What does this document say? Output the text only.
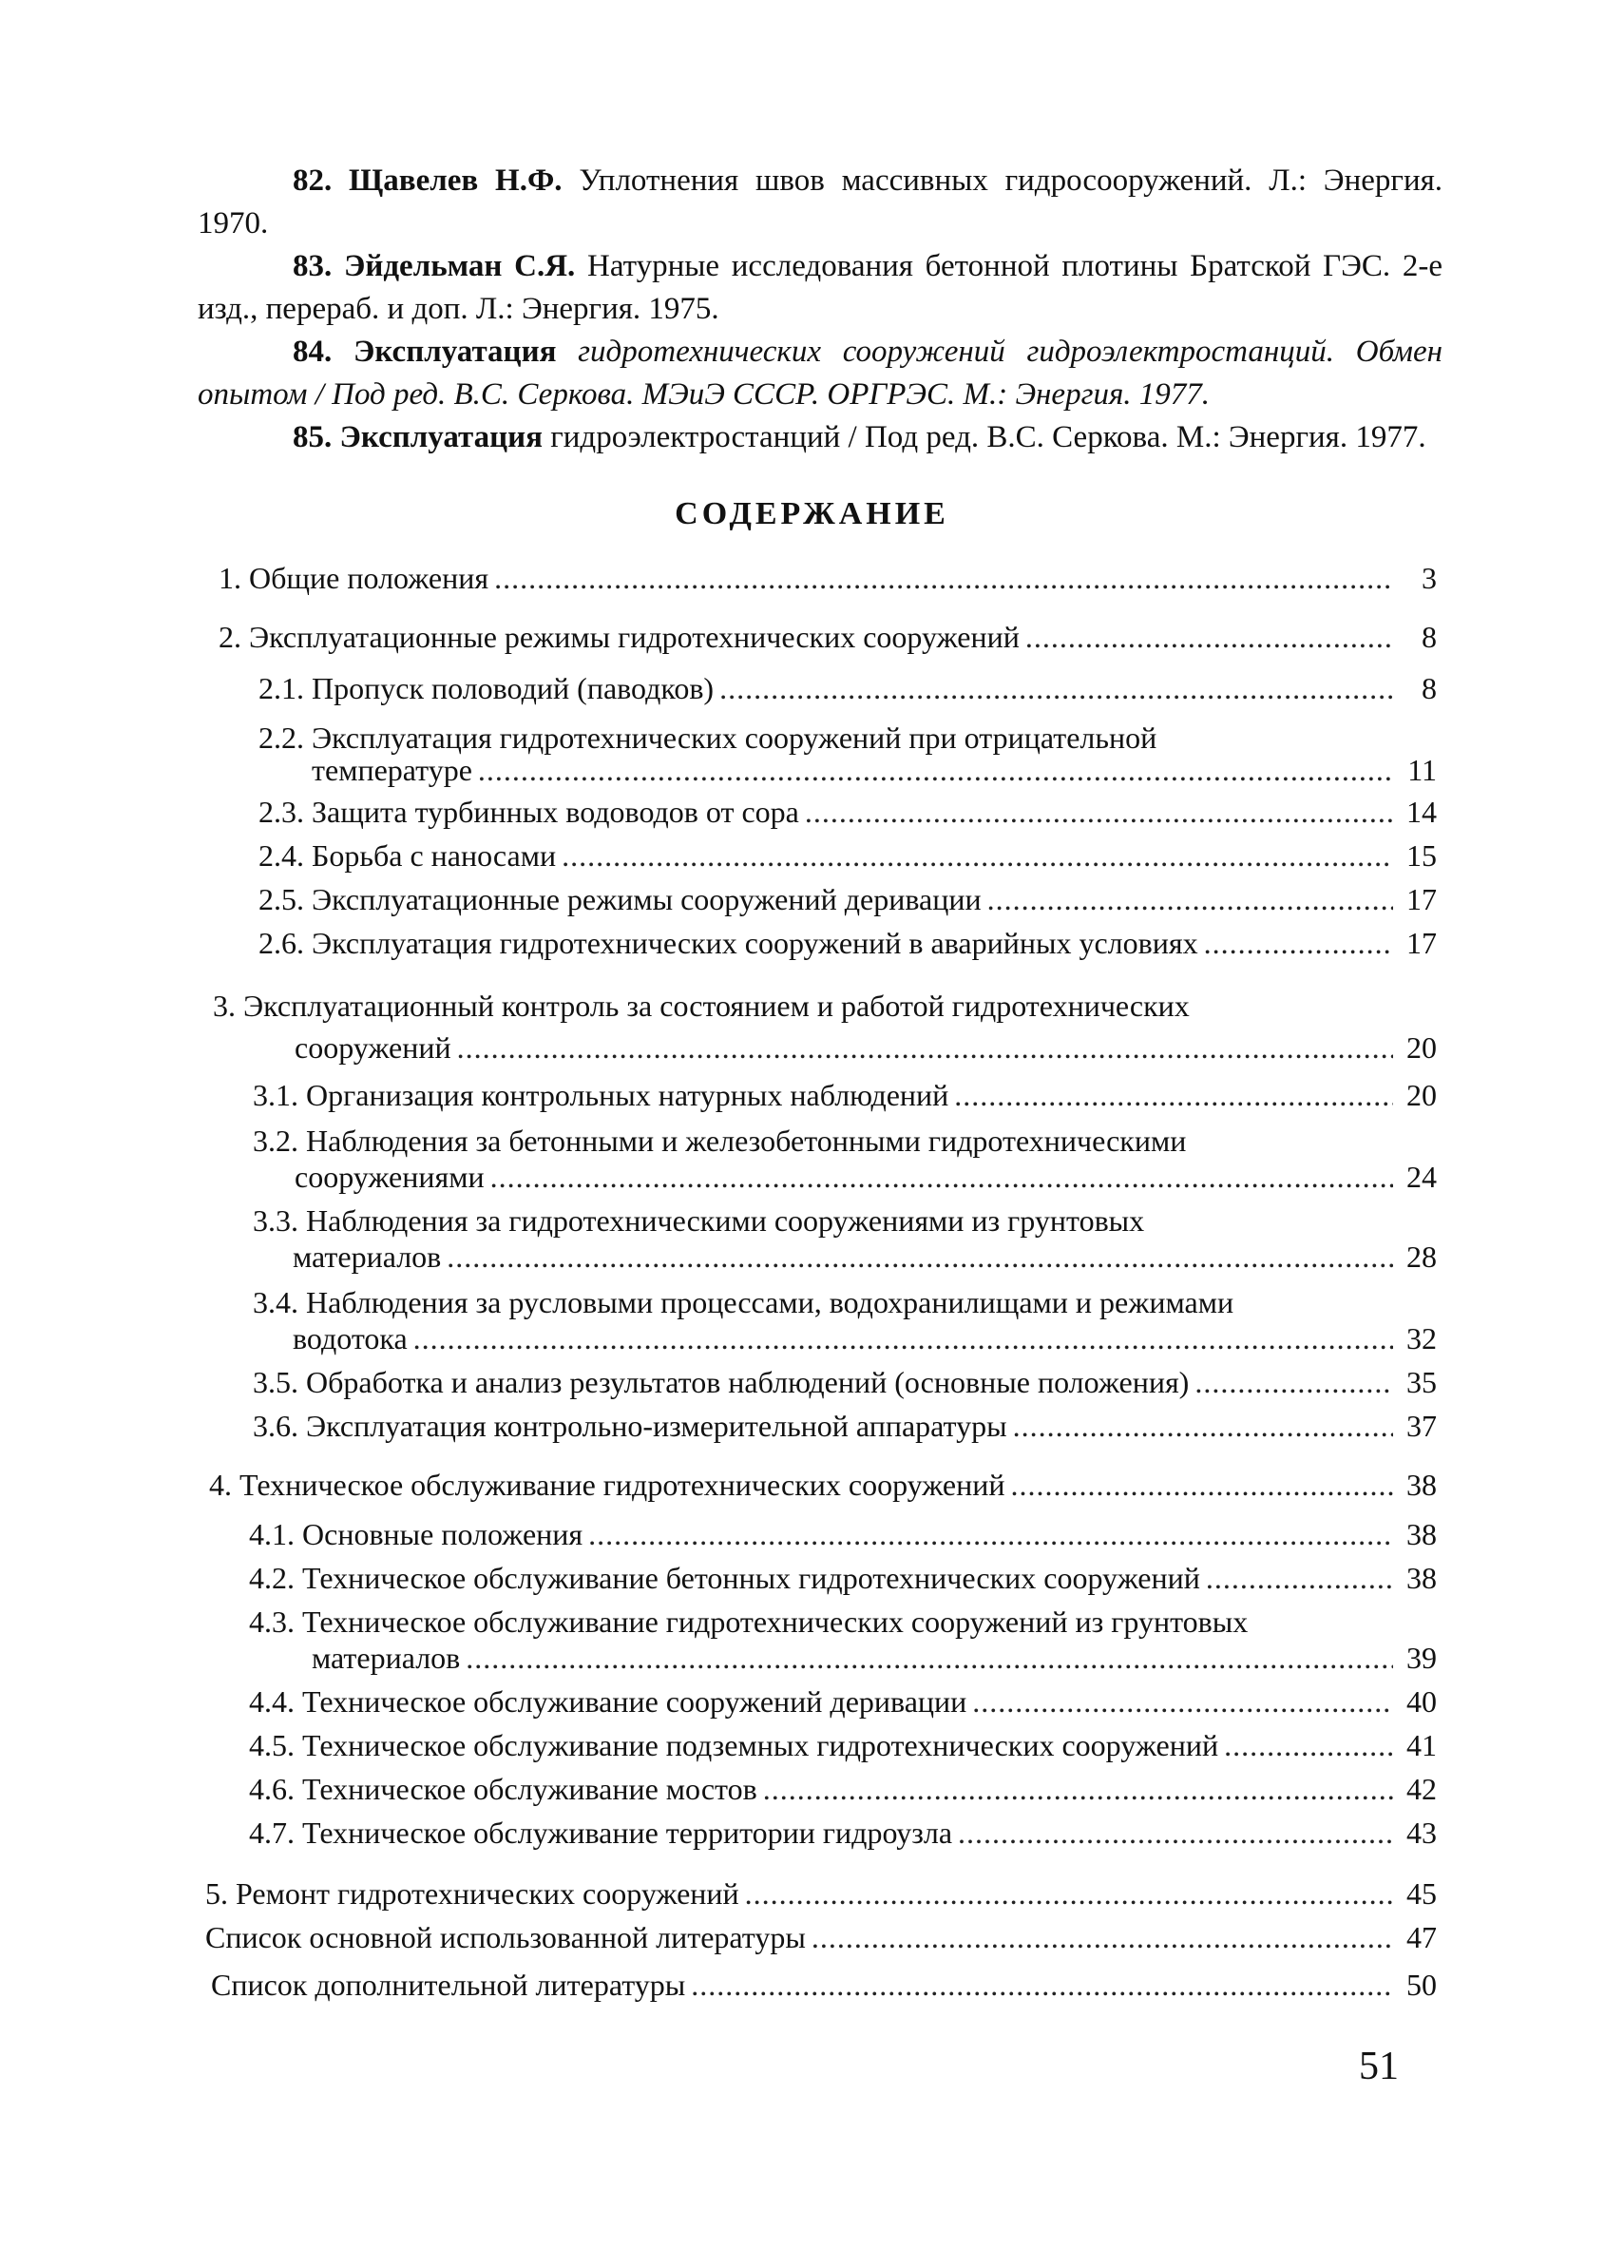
82. Щавелев Н.Ф. Уплотнения швов массивных гидросооружений. Л.: Энергия. 1970.
83. Эйдельман С.Я. Натурные исследования бетонной плотины Братской ГЭС. 2-е изд., перераб. и доп. Л.: Энергия. 1975.
84. Эксплуатация гидротехнических сооружений гидроэлектростанций. Обмен опытом / Под ред. В.С. Серкова. МЭиЭ СССР. ОРГРЭС. М.: Энергия. 1977.
85. Эксплуатация гидроэлектростанций / Под ред. В.С. Серкова. М.: Энергия. 1977.
СОДЕРЖАНИЕ
1. Общие положения .....	3
2. Эксплуатационные режимы гидротехнических сооружений .....	8
2.1. Пропуск половодий (паводков) .....	8
2.2. Эксплуатация гидротехнических сооружений при отрицательной
температуре .....	11
2.3. Защита турбинных водоводов от сора .....	14
2.4. Борьба с наносами .....	15
2.5. Эксплуатационные режимы сооружений деривации .....	17
2.6. Эксплуатация гидротехнических сооружений в аварийных условиях .....	17
3. Эксплуатационный контроль за состоянием и работой гидротехнических
сооружений .....	20
3.1. Организация контрольных натурных наблюдений .....	20
3.2. Наблюдения за бетонными и железобетонными гидротехническими
сооружениями .....	24
3.3. Наблюдения за гидротехническими сооружениями из грунтовых
материалов .....	28
3.4. Наблюдения за русловыми процессами, водохранилищами и режимами
водотока .....	32
3.5. Обработка и анализ результатов наблюдений (основные положения) .....	35
3.6. Эксплуатация контрольно-измерительной аппаратуры .....	37
4. Техническое обслуживание гидротехнических сооружений .....	38
4.1. Основные положения .....	38
4.2. Техническое обслуживание бетонных гидротехнических сооружений .....	38
4.3. Техническое обслуживание гидротехнических сооружений из грунтовых
материалов .....	39
4.4. Техническое обслуживание сооружений деривации .....	40
4.5. Техническое обслуживание подземных гидротехнических сооружений .....	41
4.6. Техническое обслуживание мостов .....	42
4.7. Техническое обслуживание территории гидроузла .....	43
5. Ремонт гидротехнических сооружений .....	45
Список основной использованной литературы .....	47
Список дополнительной литературы .....	50
51
